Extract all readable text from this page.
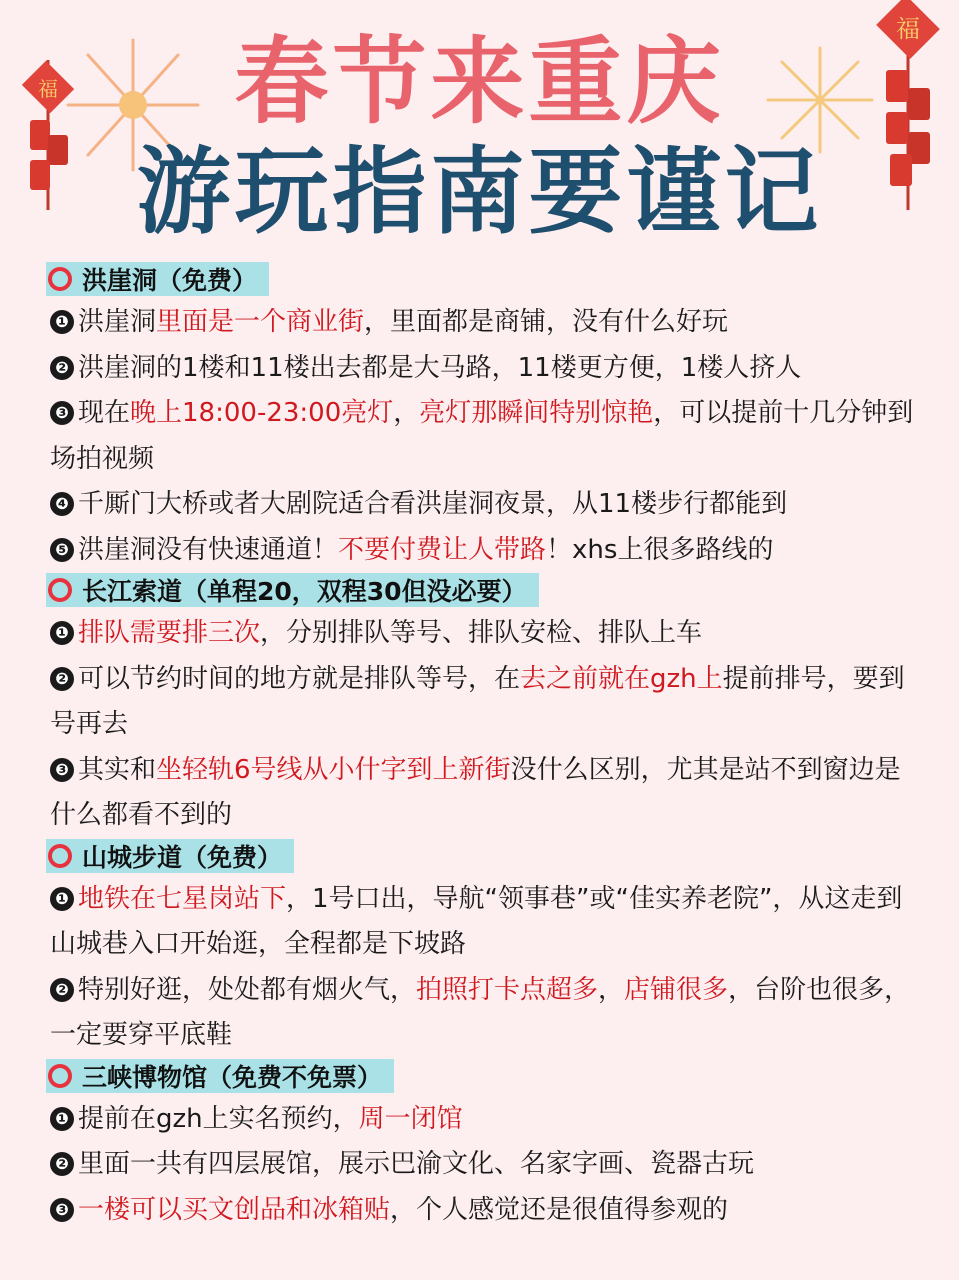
福
福
春节来重庆
游玩指南要谨记
洪崖洞（免费）
❶ 洪崖洞里面是一个商业街，里面都是商铺，没有什么好玩
❷ 洪崖洞的1楼和11楼出去都是大马路，11楼更方便，1楼人挤人
❸ 现在晚上18:00-23:00亮灯，亮灯那瞬间特别惊艳，可以提前十几分钟到场拍视频
❹ 千厮门大桥或者大剧院适合看洪崖洞夜景，从11楼步行都能到
❺ 洪崖洞没有快速通道！不要付费让人带路！xhs上很多路线的
长江索道（单程20，双程30但没必要）
❶ 排队需要排三次，分别排队等号、排队安检、排队上车
❷ 可以节约时间的地方就是排队等号，在去之前就在gzh上提前排号，要到号再去
❸ 其实和坐轻轨6号线从小什字到上新街没什么区别，尤其是站不到窗边是什么都看不到的
山城步道（免费）
❶ 地铁在七星岗站下，1号口出，导航“领事巷”或“佳实养老院”，从这走到山城巷入口开始逛，全程都是下坡路
❷ 特别好逛，处处都有烟火气，拍照打卡点超多，店铺很多，台阶也很多，一定要穿平底鞋
三峡博物馆（免费不免票）
❶ 提前在gzh上实名预约，周一闭馆
❷ 里面一共有四层展馆，展示巴渝文化、名家字画、瓷器古玩
❸ 一楼可以买文创品和冰箱贴，个人感觉还是很值得参观的
